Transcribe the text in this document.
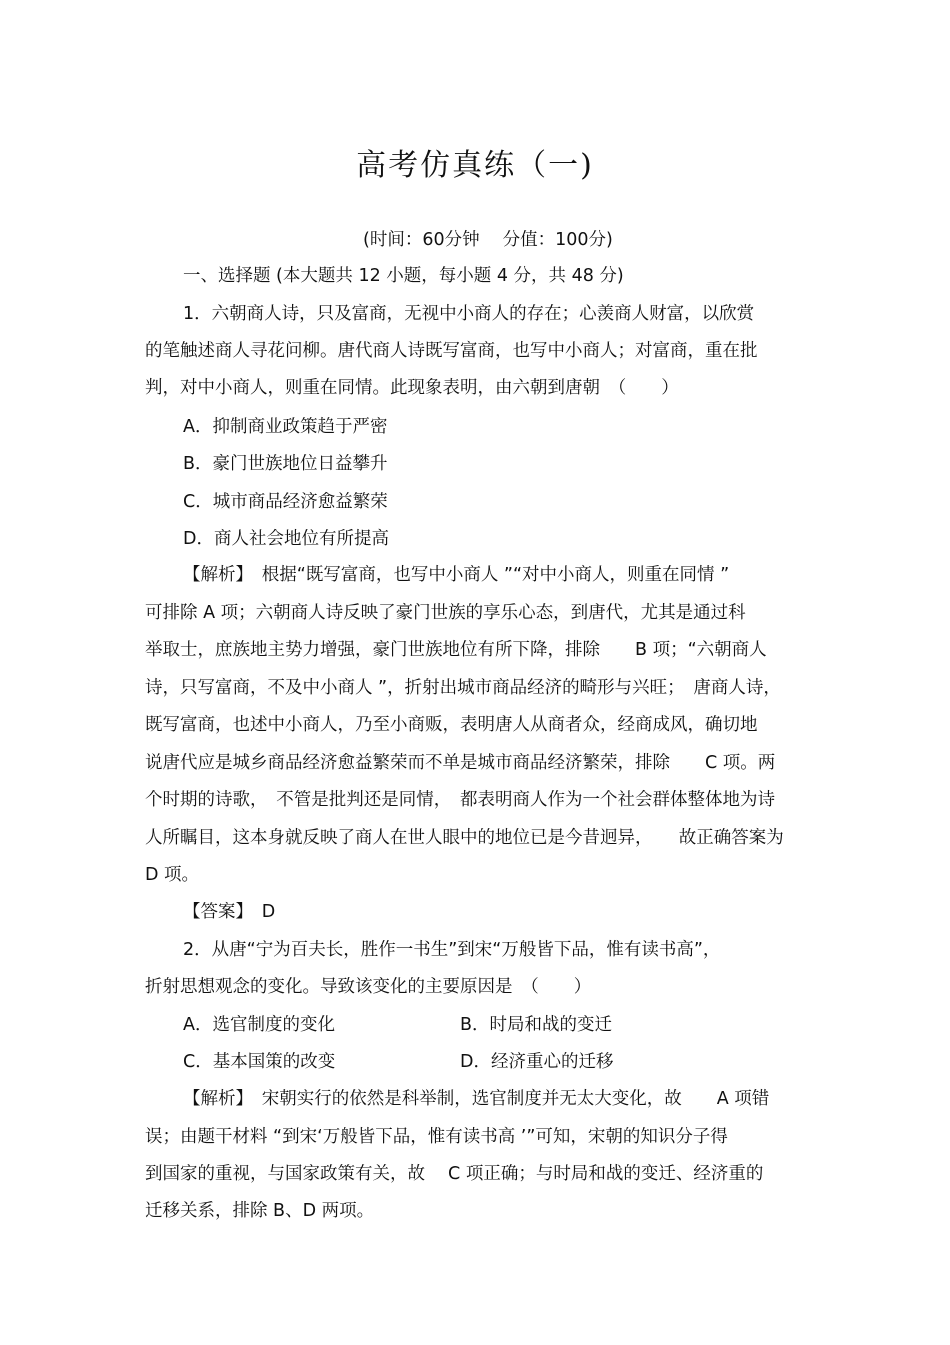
高考仿真练（一)
(时间：60分钟　 分值：100分)
一、选择题 (本大题共 12 小题，每小题 4 分，共 48 分)
1．六朝商人诗，只及富商，无视中小商人的存在；心羡商人财富，以欣赏
的笔触述商人寻花问柳。唐代商人诗既写富商，也写中小商人；对富商，重在批
判，对中小商人，则重在同情。此现象表明，由六朝到唐朝　（　　）
A．抑制商业政策趋于严密
B．豪门世族地位日益攀升
C．城市商品经济愈益繁荣
D．商人社会地位有所提高
【解析】　根据“既写富商，也写中小商人 ”“对中小商人，则重在同情 ”
可排除 A 项；六朝商人诗反映了豪门世族的享乐心态，到唐代，尤其是通过科
举取士，庶族地主势力增强，豪门世族地位有所下降，排除　　B 项；“六朝商人
诗，只写富商，不及中小商人 ”，折射出城市商品经济的畸形与兴旺；　唐商人诗，
既写富商，也述中小商人，乃至小商贩，表明唐人从商者众，经商成风，确切地
说唐代应是城乡商品经济愈益繁荣而不单是城市商品经济繁荣，排除　　C 项。两
个时期的诗歌，　不管是批判还是同情，　都表明商人作为一个社会群体整体地为诗
人所瞩目，这本身就反映了商人在世人眼中的地位已是今昔迥异，　　故正确答案为
D 项。
【答案】　D
2．从唐“宁为百夫长，胜作一书生”到宋“万般皆下品，惟有读书高”，
折射思想观念的变化。导致该变化的主要原因是　（　　）
A．选官制度的变化	B．时局和战的变迁
C．基本国策的改变	D．经济重心的迁移
【解析】　宋朝实行的依然是科举制，选官制度并无太大变化，故　　A 项错
误；由题干材料 “到宋‘万般皆下品，惟有读书高 ’”可知，宋朝的知识分子得
到国家的重视，与国家政策有关，故　 C 项正确；与时局和战的变迁、经济重的
迁移关系，排除 B、D 两项。
